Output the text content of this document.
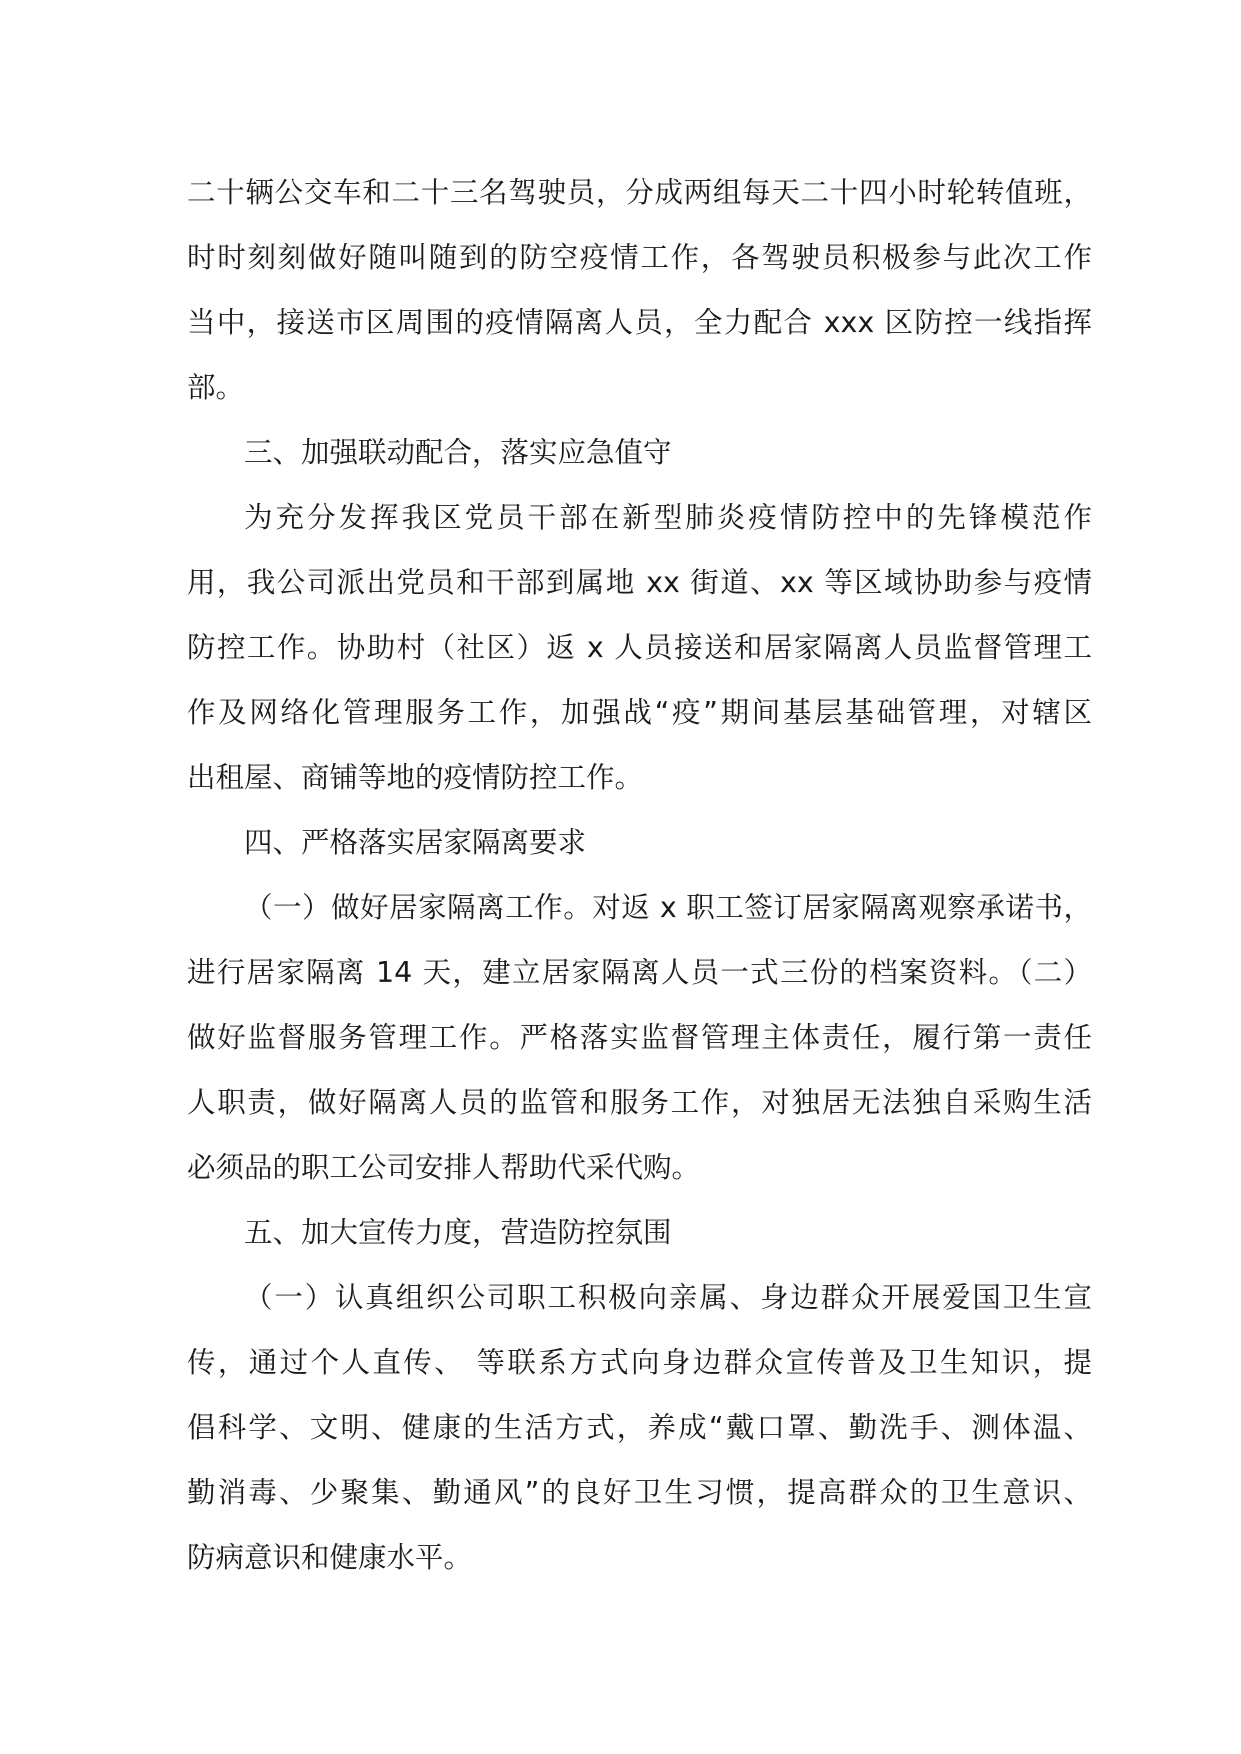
二十辆公交车和二十三名驾驶员，分成两组每天二十四小时轮转值班，
时时刻刻做好随叫随到的防空疫情工作，各驾驶员积极参与此次工作
当中，接送市区周围的疫情隔离人员，全力配合 xxx 区防控一线指挥
部。
三、加强联动配合，落实应急值守
为充分发挥我区党员干部在新型肺炎疫情防控中的先锋模范作
用，我公司派出党员和干部到属地 xx 街道、xx 等区域协助参与疫情
防控工作。协助村（社区）返 x 人员接送和居家隔离人员监督管理工
作及网络化管理服务工作，加强战“疫”期间基层基础管理，对辖区
出租屋、商铺等地的疫情防控工作。
四、严格落实居家隔离要求
（一）做好居家隔离工作。对返 x 职工签订居家隔离观察承诺书，
进行居家隔离 14 天，建立居家隔离人员一式三份的档案资料。（二）
做好监督服务管理工作。严格落实监督管理主体责任，履行第一责任
人职责，做好隔离人员的监管和服务工作，对独居无法独自采购生活
必须品的职工公司安排人帮助代采代购。
五、加大宣传力度，营造防控氛围
（一）认真组织公司职工积极向亲属、身边群众开展爱国卫生宣
传，通过个人直传、 等联系方式向身边群众宣传普及卫生知识，提
倡科学、文明、健康的生活方式，养成“戴口罩、勤洗手、测体温、
勤消毒、少聚集、勤通风”的良好卫生习惯，提高群众的卫生意识、
防病意识和健康水平。
